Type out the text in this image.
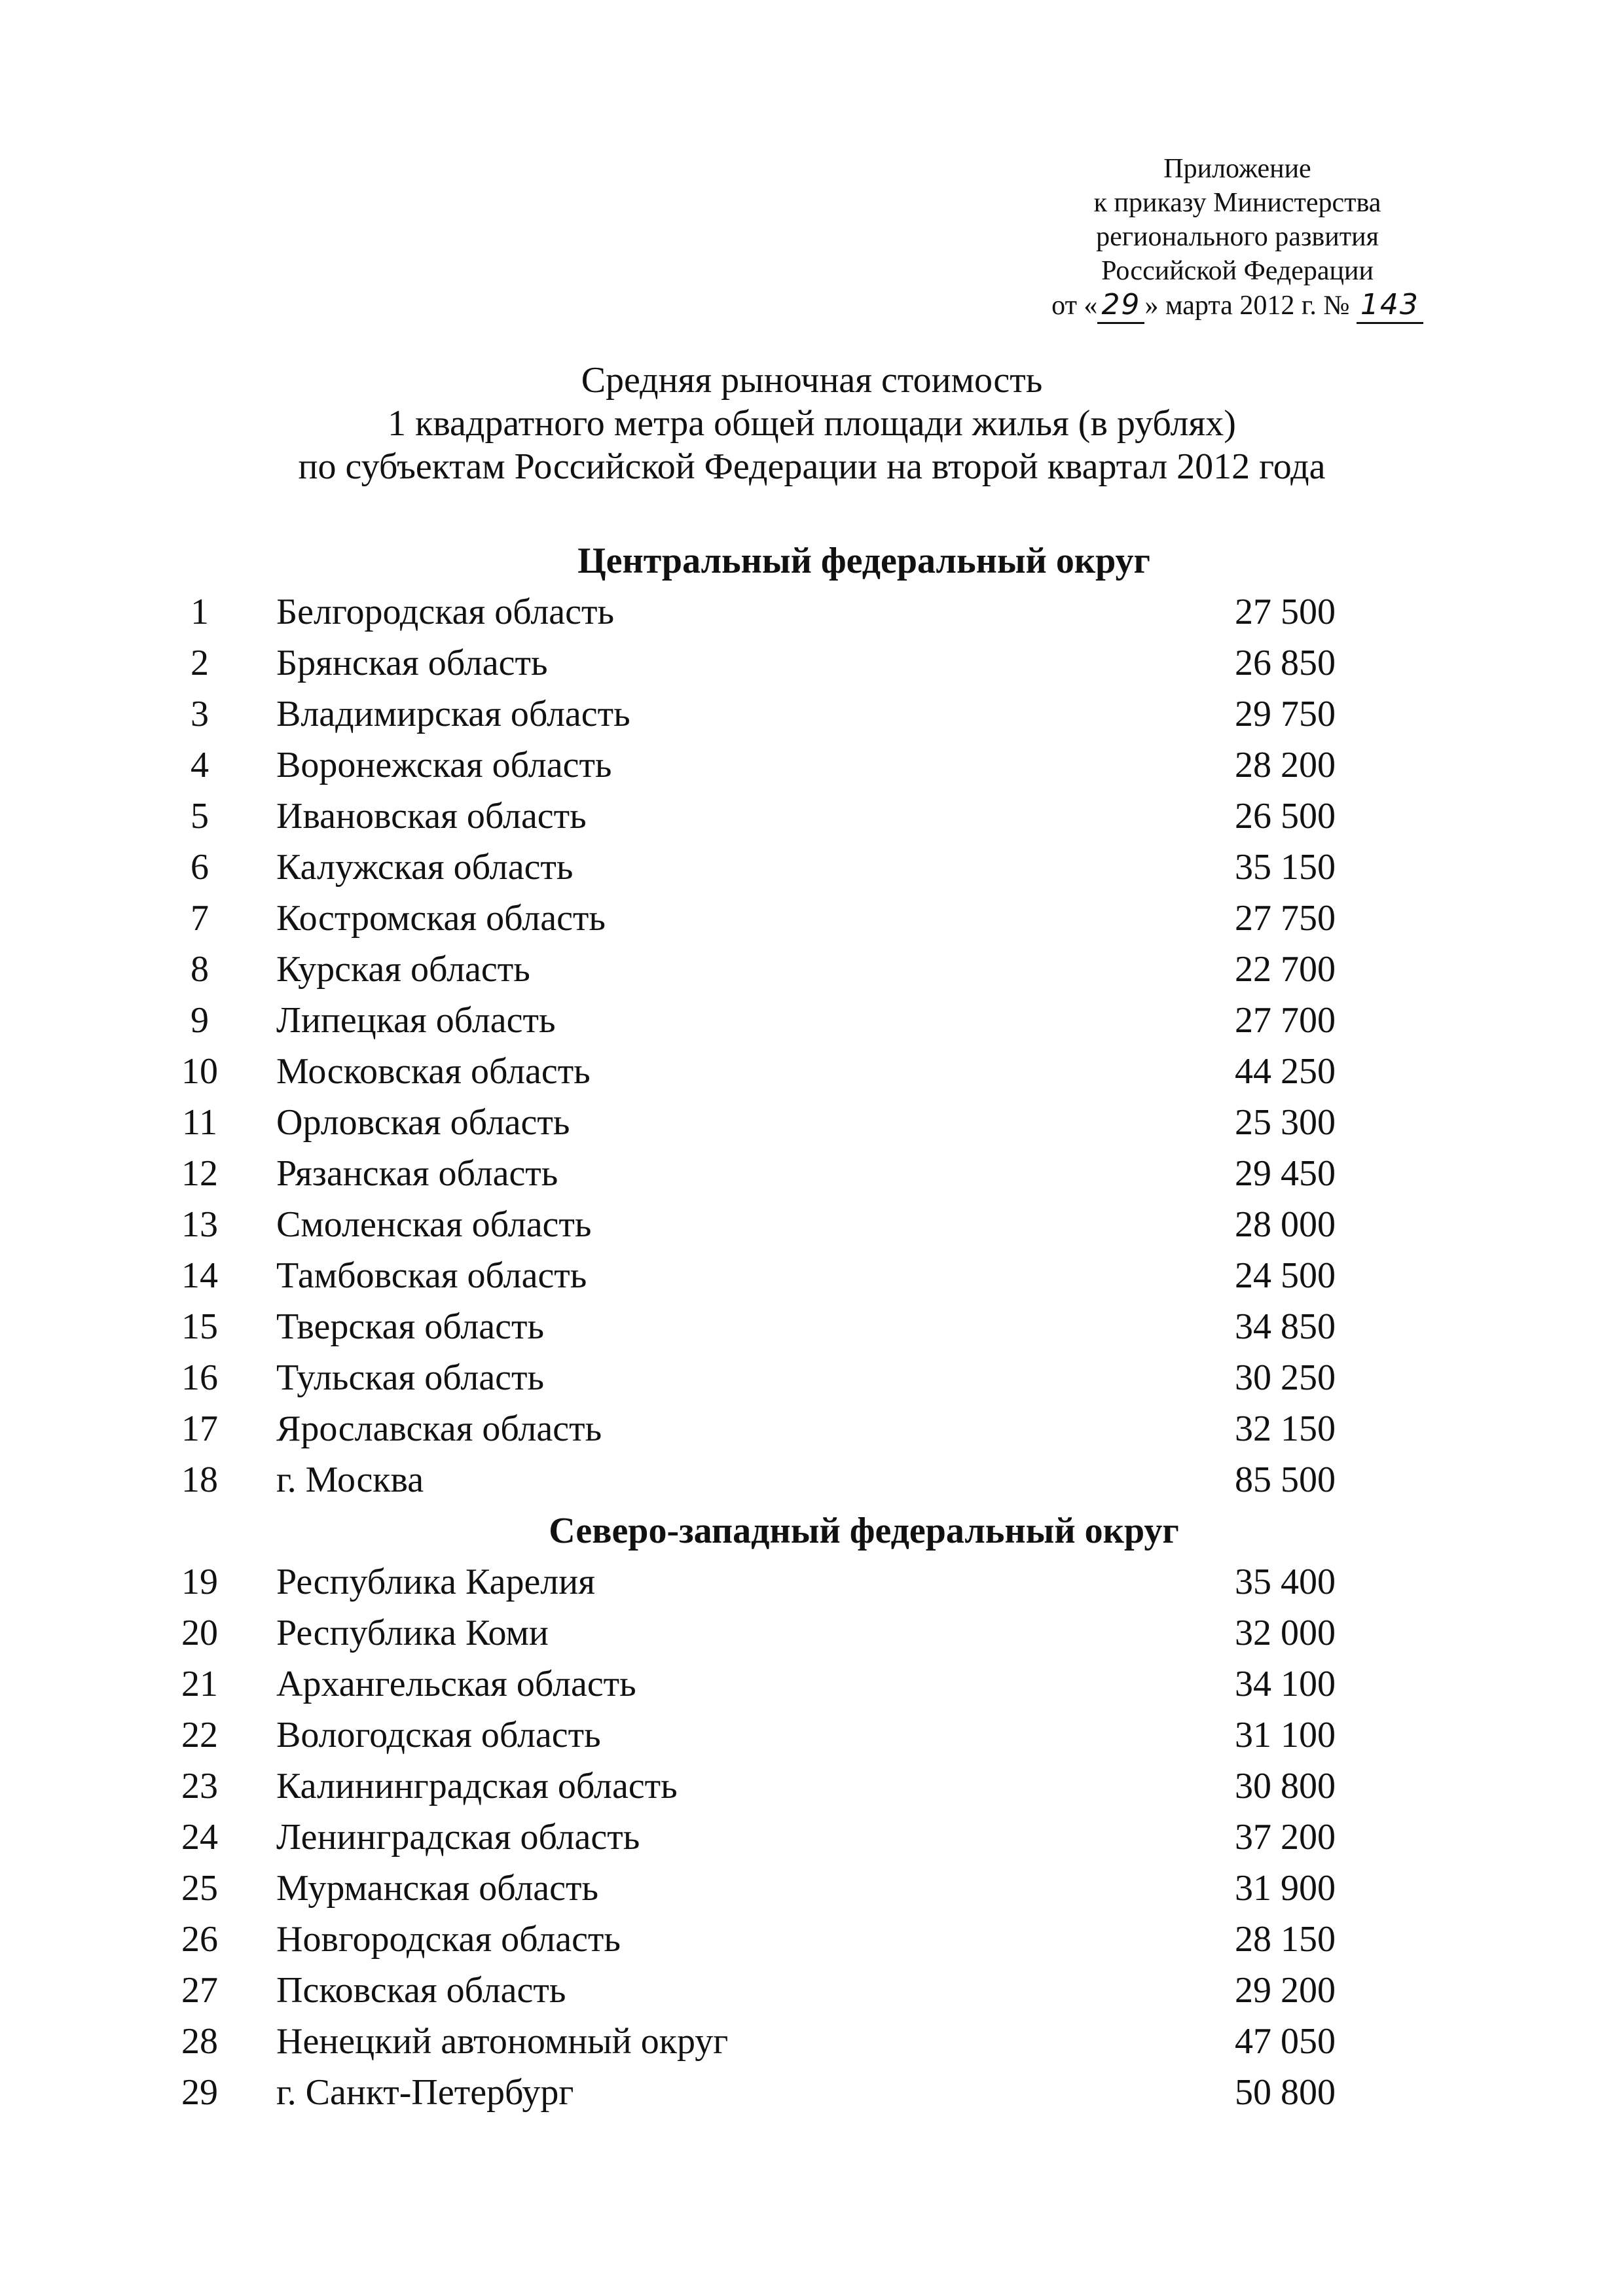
Приложение
к приказу Министерства
регионального развития
Российской Федерации
от « 29 » марта 2012 г. № 143
Средняя рыночная стоимость
1 квадратного метра общей площади жилья (в рублях)
по субъектам Российской Федерации на второй квартал 2012 года
Центральный федеральный округ
1	Белгородская область	27 500
2	Брянская область	26 850
3	Владимирская область	29 750
4	Воронежская область	28 200
5	Ивановская область	26 500
6	Калужская область	35 150
7	Костромская область	27 750
8	Курская область	22 700
9	Липецкая область	27 700
10	Московская область	44 250
11	Орловская область	25 300
12	Рязанская область	29 450
13	Смоленская область	28 000
14	Тамбовская область	24 500
15	Тверская область	34 850
16	Тульская область	30 250
17	Ярославская область	32 150
18	г. Москва	85 500
Северо-западный федеральный округ
19	Республика Карелия	35 400
20	Республика Коми	32 000
21	Архангельская область	34 100
22	Вологодская область	31 100
23	Калининградская область	30 800
24	Ленинградская область	37 200
25	Мурманская область	31 900
26	Новгородская область	28 150
27	Псковская область	29 200
28	Ненецкий автономный округ	47 050
29	г. Санкт-Петербург	50 800
